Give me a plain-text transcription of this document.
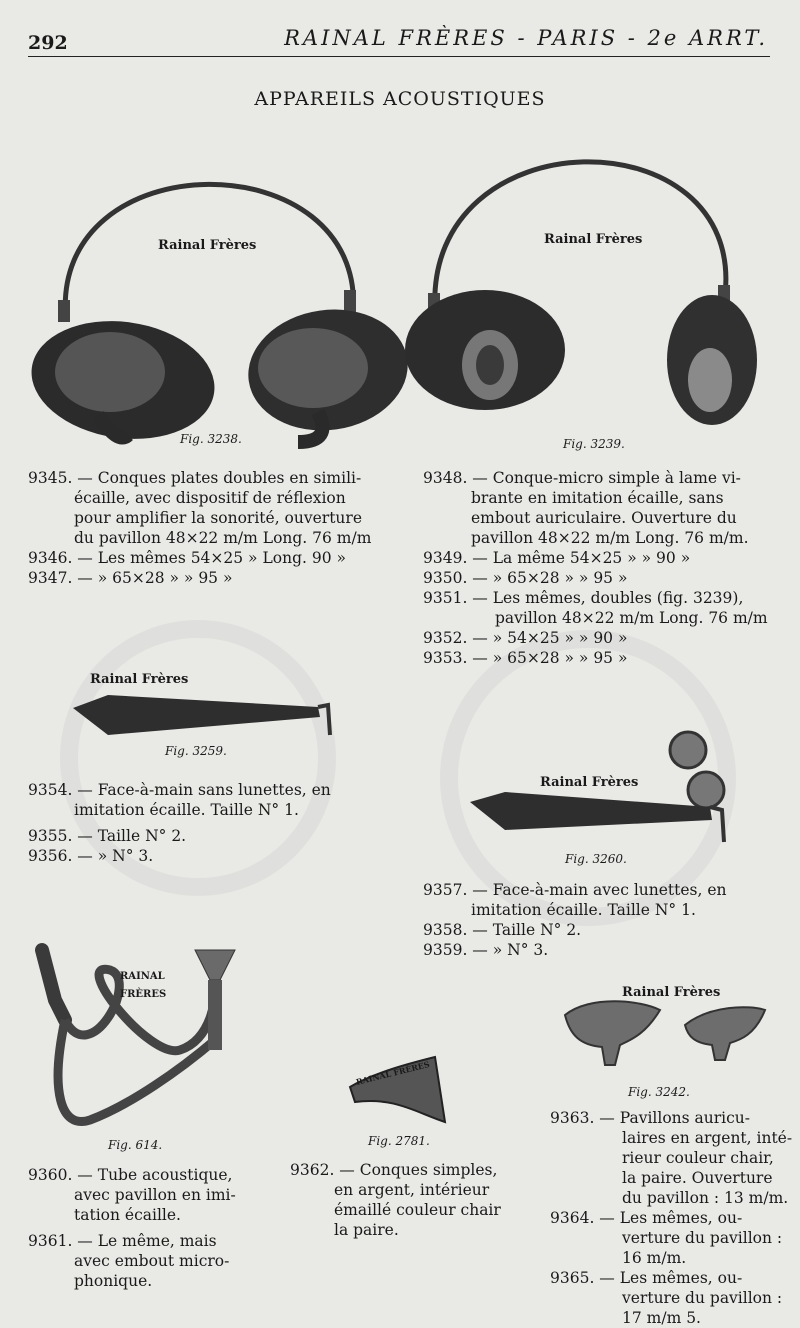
292	RAINAL FRÈRES - PARIS - 2e ARRT.
APPAREILS ACOUSTIQUES
Rainal Frères
Fig. 3238.
Rainal Frères
Fig. 3239.
9345. — Conques plates doubles en simili-
écaille, avec dispositif de réflexion
pour amplifier la sonorité, ouverture
du pavillon 48×22 m/m Long. 76 m/m
9346. — Les mêmes 54×25 » Long. 90 »
9347. — » 65×28 » » 95 »
9348. — Conque-micro simple à lame vi-
brante en imitation écaille, sans
embout auriculaire. Ouverture du
pavillon 48×22 m/m Long. 76 m/m.
9349. — La même 54×25 » » 90 »
9350. — » 65×28 » » 95 »
9351. — Les mêmes, doubles (fig. 3239),
pavillon 48×22 m/m Long. 76 m/m
9352. — » 54×25 » » 90 »
9353. — » 65×28 » » 95 »
Rainal Frères
Fig. 3259.
9354. — Face-à-main sans lunettes, en
imitation écaille. Taille N° 1.
9355. — Taille N° 2.
9356. — » N° 3.
Rainal Frères
Fig. 3260.
9357. — Face-à-main avec lunettes, en
imitation écaille. Taille N° 1.
9358. — Taille N° 2.
9359. — » N° 3.
RAINAL
FRÈRES
Fig. 614.
RAINAL FRÈRES
Fig. 2781.
Rainal Frères
Fig. 3242.
9360. — Tube acoustique,
avec pavillon en imi-
tation écaille.
9361. — Le même, mais
avec embout micro-
phonique.
9362. — Conques simples,
en argent, intérieur
émaillé couleur chair
la paire.
9363. — Pavillons auricu-
laires en argent, inté-
rieur couleur chair,
la paire. Ouverture
du pavillon : 13 m/m.
9364. — Les mêmes, ou-
verture du pavillon :
16 m/m.
9365. — Les mêmes, ou-
verture du pavillon :
17 m/m 5.
